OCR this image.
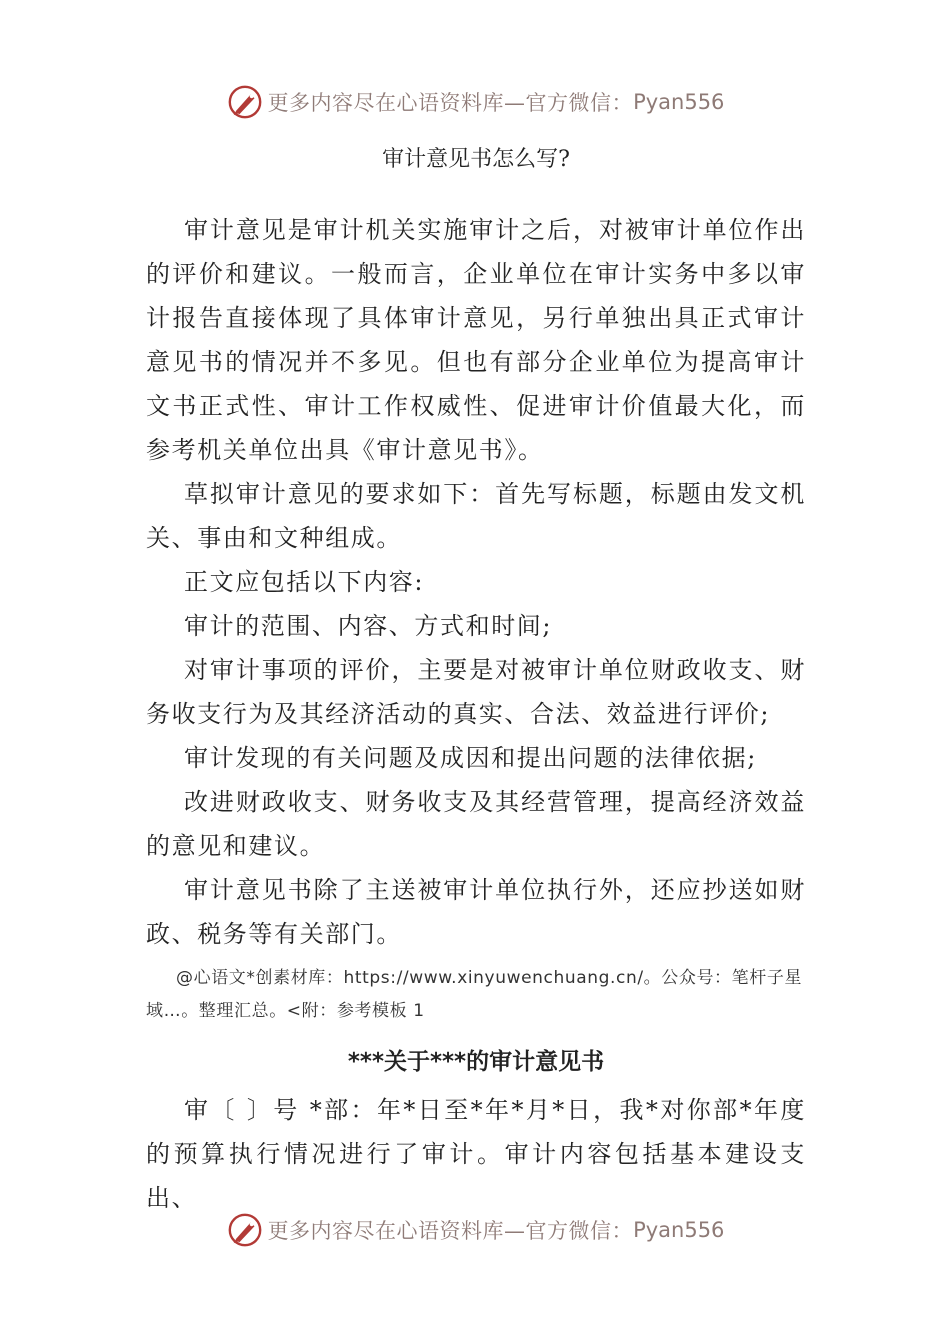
更多内容尽在心语资料库—官方微信： Pyan556
审计意见书怎么写?

审计意见是审计机关实施审计之后，对被审计单位作出的评价和建议。一般而言，企业单位在审计实务中多以审计报告直接体现了具体审计意见，另行单独出具正式审计意见书的情况并不多见。但也有部分企业单位为提高审计文书正式性、审计工作权威性、促进审计价值最大化，而参考机关单位出具《审计意见书》。

草拟审计意见的要求如下：首先写标题，标题由发文机关、事由和文种组成。

正文应包括以下内容:

审计的范围、内容、方式和时间;

对审计事项的评价，主要是对被审计单位财政收支、财务收支行为及其经济活动的真实、合法、效益进行评价;

审计发现的有关问题及成因和提出问题的法律依据;

改进财政收支、财务收支及其经营管理，提高经济效益的意见和建议。

审计意见书除了主送被审计单位执行外，还应抄送如财政、税务等有关部门。

@心语文*创素材库：https://www.xinyuwenchuang.cn/。公众号：笔杆子星域…。整理汇总。<附：参考模板 1

***关于***的审计意见书

审〔 〕号 *部：年*日至*年*月*日，我*对你部*年度的预算执行情况进行了审计。审计内容包括基本建设支出、

更多内容尽在心语资料库—官方微信： Pyan556
